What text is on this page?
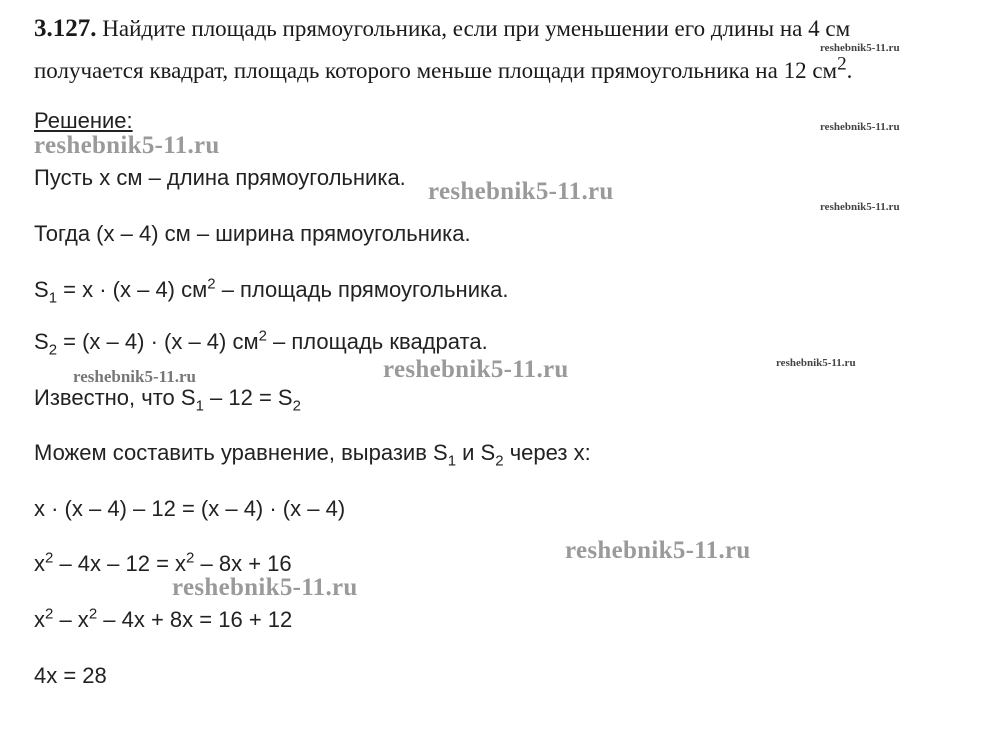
3.127. Найдите площадь прямоугольника, если при уменьшении его длины на 4 см
получается квадрат, площадь которого меньше площади прямоугольника на 12 $см^2$.
Решение:
Пусть x см – длина прямоугольника.
Тогда (x – 4) см – ширина прямоугольника.
$S_1 = x \cdot (x - 4)$ $см^2$ – площадь прямоугольника.
$S_2 = (x - 4) \cdot (x - 4)$ $см^2$ – площадь квадрата.
Известно, что $S_1 - 12 = S_2$
Можем составить уравнение, выразив $S_1$ и $S_2$ через x:
x · (x – 4) – 12 = (x – 4) · (x – 4)
$x^2 - 4x - 12 = x^2 - 8x + 16$
$x^2 - x^2 - 4x + 8x = 16 + 12$
4x = 28
reshebnik5-11.ru
reshebnik5-11.ru
reshebnik5-11.ru
reshebnik5-11.ru
reshebnik5-11.ru
reshebnik5-11.ru
reshebnik5-11.ru
reshebnik5-11.ru
reshebnik5-11.ru
reshebnik5-11.ru
